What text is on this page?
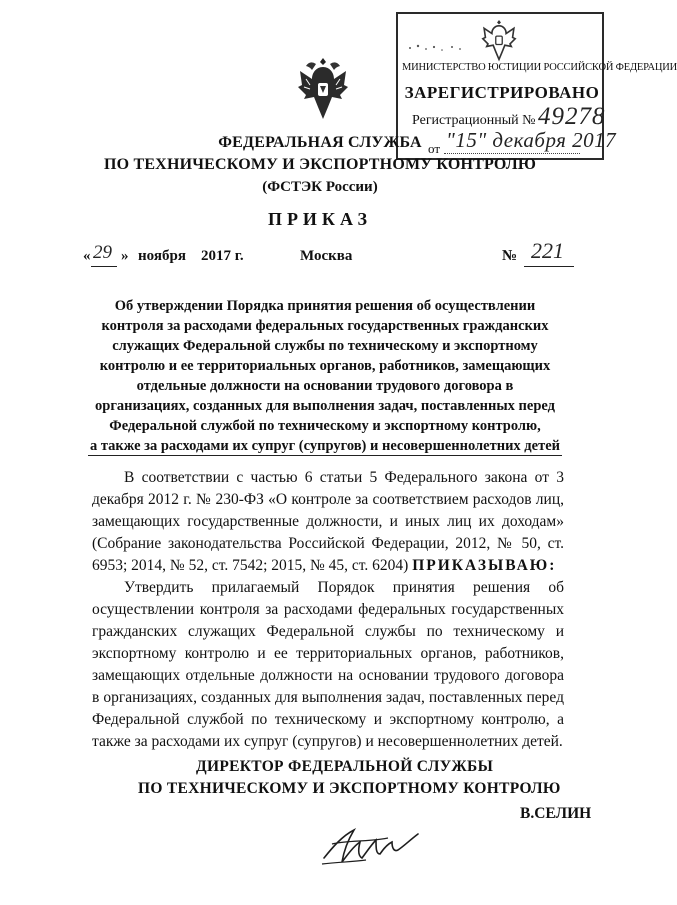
МИНИСТЕРСТВО ЮСТИЦИИ РОССИЙСКОЙ ФЕДЕРАЦИИ
ЗАРЕГИСТРИРОВАНО
Регистрационный № 49278
от "15" декабря 2017
ФЕДЕРАЛЬНАЯ СЛУЖБА
ПО ТЕХНИЧЕСКОМУ И ЭКСПОРТНОМУ КОНТРОЛЮ
(ФСТЭК России)
ПРИКАЗ
« 29 » ноября 2017 г.	Москва	№ 221
Об утверждении Порядка принятия решения об осуществлении
контроля за расходами федеральных государственных гражданских
служащих Федеральной службы по техническому и экспортному
контролю и ее территориальных органов, работников, замещающих
отдельные должности на основании трудового договора в
организациях, созданных для выполнения задач, поставленных перед
Федеральной службой по техническому и экспортному контролю,
а также за расходами их супруг (супругов) и несовершеннолетних детей

В соответствии с частью 6 статьи 5 Федерального закона от 3 декабря 2012 г. № 230-ФЗ «О контроле за соответствием расходов лиц, замещающих государственные должности, и иных лиц их доходам» (Собрание законодательства Российской Федерации, 2012, № 50, ст. 6953; 2014, № 52, ст. 7542; 2015, № 45, ст. 6204) ПРИКАЗЫВАЮ:

Утвердить прилагаемый Порядок принятия решения об осуществлении контроля за расходами федеральных государственных гражданских служащих Федеральной службы по техническому и экспортному контролю и ее территориальных органов, работников, замещающих отдельные должности на основании трудового договора в организациях, созданных для выполнения задач, поставленных перед Федеральной службой по техническому и экспортному контролю, а также за расходами их супруг (супругов) и несовершеннолетних детей.

ДИРЕКТОР ФЕДЕРАЛЬНОЙ СЛУЖБЫ
ПО ТЕХНИЧЕСКОМУ И ЭКСПОРТНОМУ КОНТРОЛЮ
В.СЕЛИН
